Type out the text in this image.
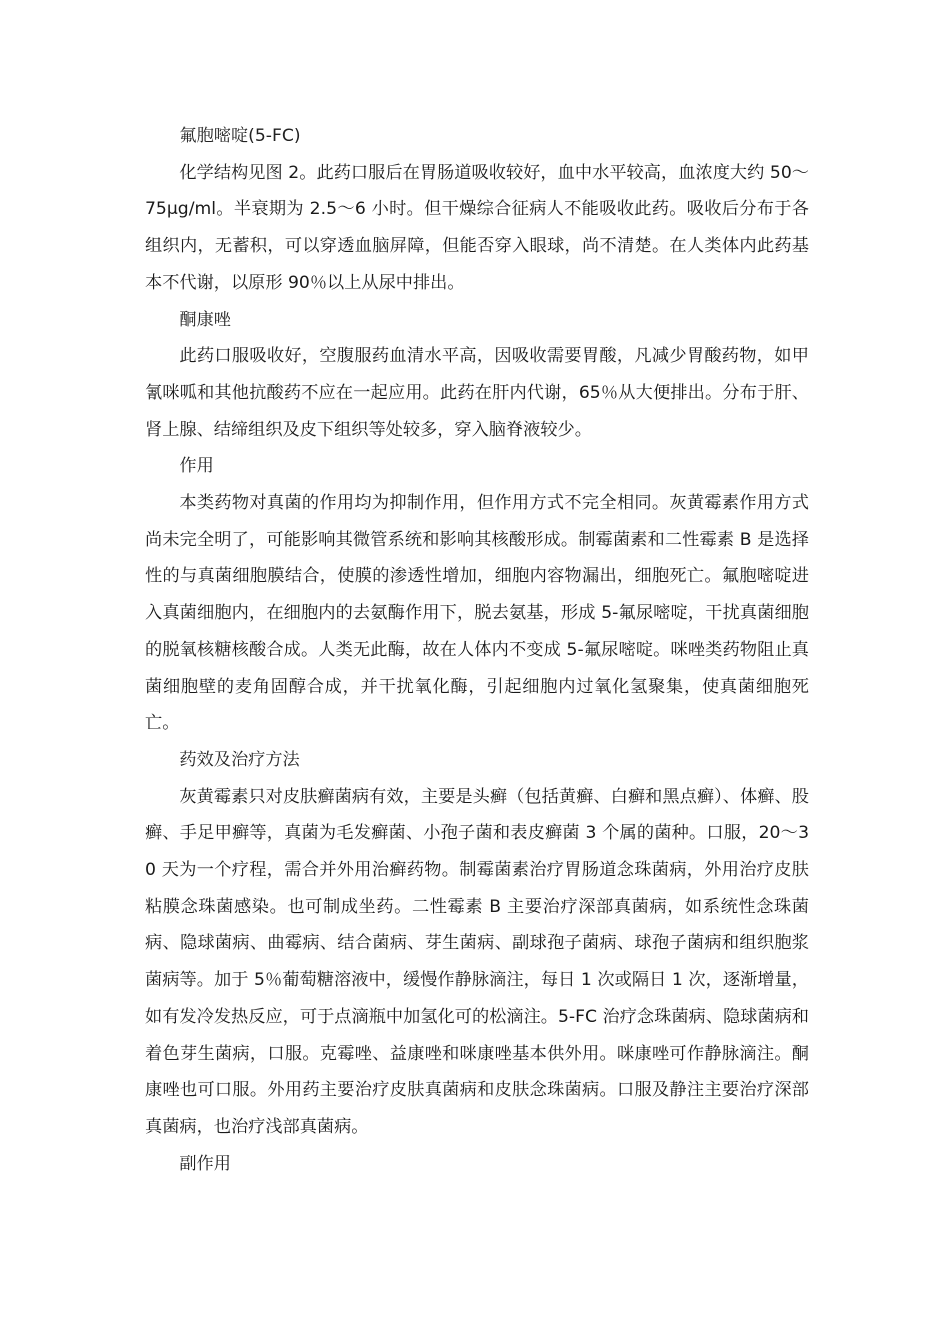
氟胞嘧啶(5-FC)

化学结构见图 2。此药口服后在胃肠道吸收较好，血中水平较高，血浓度大约 50～75μg/ml。半衰期为 2.5～6 小时。但干燥综合征病人不能吸收此药。吸收后分布于各组织内，无蓄积，可以穿透血脑屏障，但能否穿入眼球，尚不清楚。在人类体内此药基本不代谢，以原形 90％以上从尿中排出。

酮康唑

此药口服吸收好，空腹服药血清水平高，因吸收需要胃酸，凡减少胃酸药物，如甲氰咪呱和其他抗酸药不应在一起应用。此药在肝内代谢，65％从大便排出。分布于肝、肾上腺、结缔组织及皮下组织等处较多，穿入脑脊液较少。

作用

本类药物对真菌的作用均为抑制作用，但作用方式不完全相同。灰黄霉素作用方式尚未完全明了，可能影响其微管系统和影响其核酸形成。制霉菌素和二性霉素 B 是选择性的与真菌细胞膜结合，使膜的渗透性增加，细胞内容物漏出，细胞死亡。氟胞嘧啶进入真菌细胞内，在细胞内的去氨酶作用下，脱去氨基，形成 5-氟尿嘧啶，干扰真菌细胞的脱氧核糖核酸合成。人类无此酶，故在人体内不变成 5-氟尿嘧啶。咪唑类药物阻止真菌细胞壁的麦角固醇合成，并干扰氧化酶，引起细胞内过氧化氢聚集，使真菌细胞死亡。

药效及治疗方法

灰黄霉素只对皮肤癣菌病有效，主要是头癣（包括黄癣、白癣和黑点癣）、体癣、股癣、手足甲癣等，真菌为毛发癣菌、小孢子菌和表皮癣菌 3 个属的菌种。口服，20～30 天为一个疗程，需合并外用治癣药物。制霉菌素治疗胃肠道念珠菌病，外用治疗皮肤粘膜念珠菌感染。也可制成坐药。二性霉素 B 主要治疗深部真菌病，如系统性念珠菌病、隐球菌病、曲霉病、结合菌病、芽生菌病、副球孢子菌病、球孢子菌病和组织胞浆菌病等。加于 5％葡萄糖溶液中，缓慢作静脉滴注，每日 1 次或隔日 1 次，逐渐增量，如有发冷发热反应，可于点滴瓶中加氢化可的松滴注。5-FC 治疗念珠菌病、隐球菌病和着色芽生菌病，口服。克霉唑、益康唑和咪康唑基本供外用。咪康唑可作静脉滴注。酮康唑也可口服。外用药主要治疗皮肤真菌病和皮肤念珠菌病。口服及静注主要治疗深部真菌病，也治疗浅部真菌病。

副作用
